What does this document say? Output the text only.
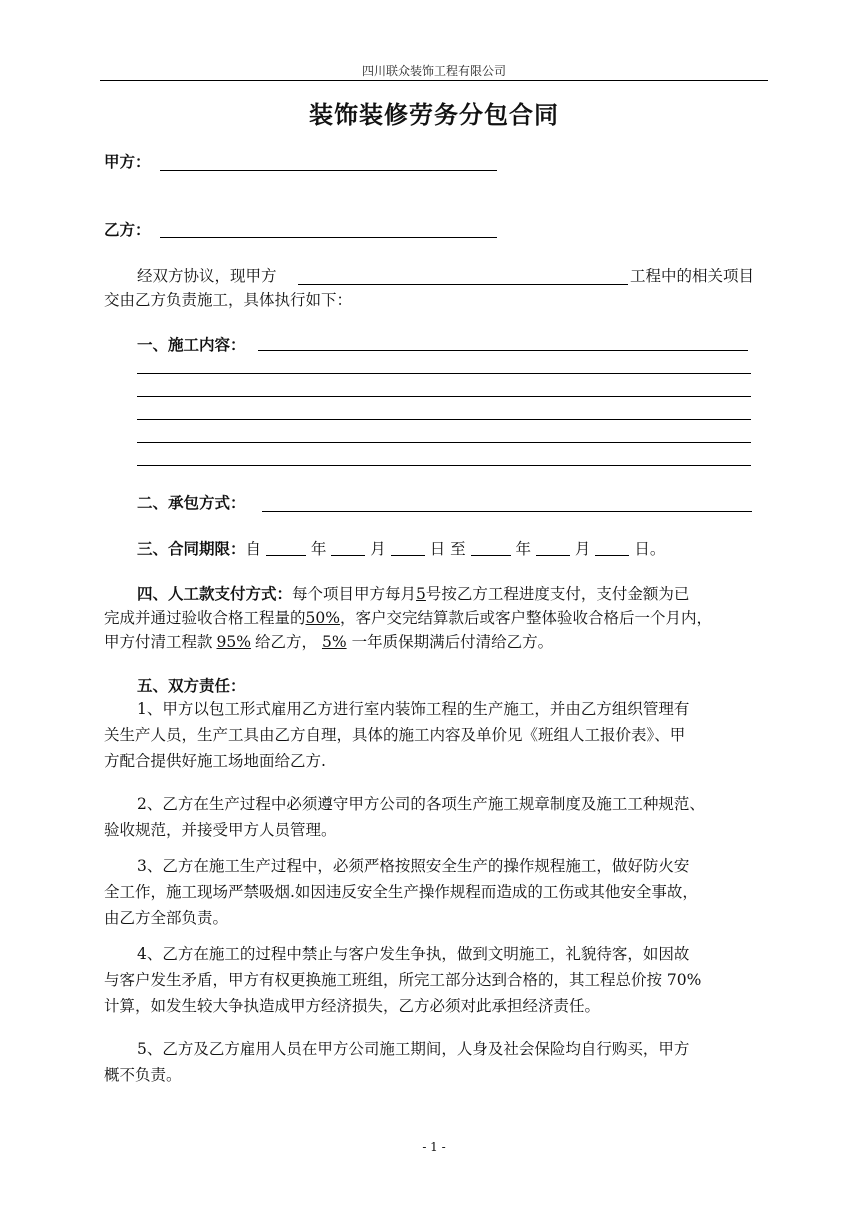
四川联众装饰工程有限公司
装饰装修劳务分包合同
甲方：
乙方：
经双方协议，现甲方	工程中的相关项目
交由乙方负责施工，具体执行如下：
一、施工内容：
二、承包方式：
三、合同期限：自	年	月	日 至	年	月	日。
四、人工款支付方式：每个项目甲方每月5号按乙方工程进度支付，支付金额为已
完成并通过验收合格工程量的50%，客户交完结算款后或客户整体验收合格后一个月内，
甲方付清工程款 95% 给乙方， 5% 一年质保期满后付清给乙方。
五、双方责任：
1、甲方以包工形式雇用乙方进行室内装饰工程的生产施工，并由乙方组织管理有
关生产人员，生产工具由乙方自理，具体的施工内容及单价见《班组人工报价表》、甲
方配合提供好施工场地面给乙方.
2、乙方在生产过程中必须遵守甲方公司的各项生产施工规章制度及施工工种规范、
验收规范，并接受甲方人员管理。
3、乙方在施工生产过程中，必须严格按照安全生产的操作规程施工，做好防火安
全工作，施工现场严禁吸烟.如因违反安全生产操作规程而造成的工伤或其他安全事故，
由乙方全部负责。
4、乙方在施工的过程中禁止与客户发生争执，做到文明施工，礼貌待客，如因故
与客户发生矛盾，甲方有权更换施工班组，所完工部分达到合格的，其工程总价按 70%
计算，如发生较大争执造成甲方经济损失，乙方必须对此承担经济责任。
5、乙方及乙方雇用人员在甲方公司施工期间，人身及社会保险均自行购买，甲方
概不负责。
- 1 -
